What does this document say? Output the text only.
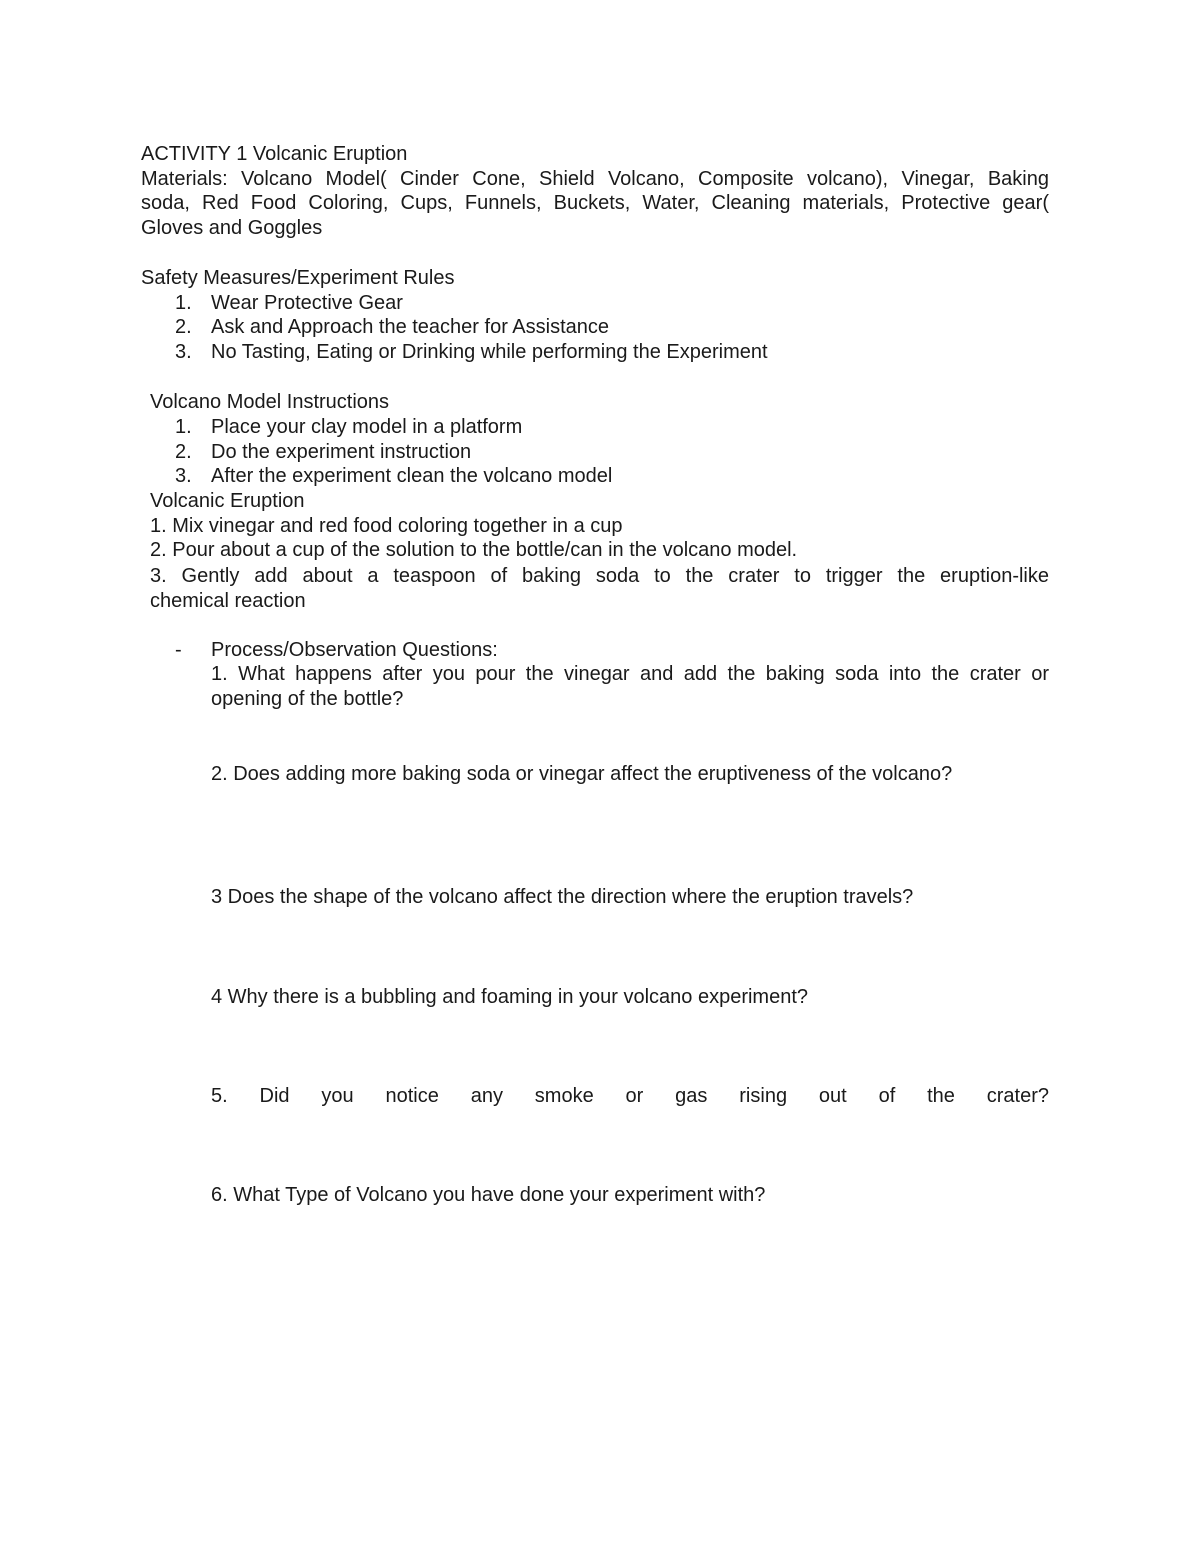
ACTIVITY 1 Volcanic Eruption
Materials: Volcano Model( Cinder Cone, Shield Volcano, Composite volcano), Vinegar, Baking
soda, Red Food Coloring, Cups, Funnels, Buckets, Water, Cleaning materials, Protective gear(
Gloves and Goggles
Safety Measures/Experiment Rules
1. Wear Protective Gear
2. Ask and Approach the teacher for Assistance
3. No Tasting, Eating or Drinking while performing the Experiment
Volcano Model Instructions
1. Place your clay model in a platform
2. Do the experiment instruction
3. After the experiment clean the volcano model
Volcanic Eruption
1. Mix vinegar and red food coloring together in a cup
2. Pour about a cup of the solution to the bottle/can in the volcano model.
3. Gently add about a teaspoon of baking soda to the crater to trigger the eruption-like
chemical reaction
- Process/Observation Questions:
1. What happens after you pour the vinegar and add the baking soda into the crater or
opening of the bottle?
2. Does adding more baking soda or vinegar affect the eruptiveness of the volcano?
3 Does the shape of the volcano affect the direction where the eruption travels?
4 Why there is a bubbling and foaming in your volcano experiment?
5. Did you notice any smoke or gas rising out of the crater?
6. What Type of Volcano you have done your experiment with?
